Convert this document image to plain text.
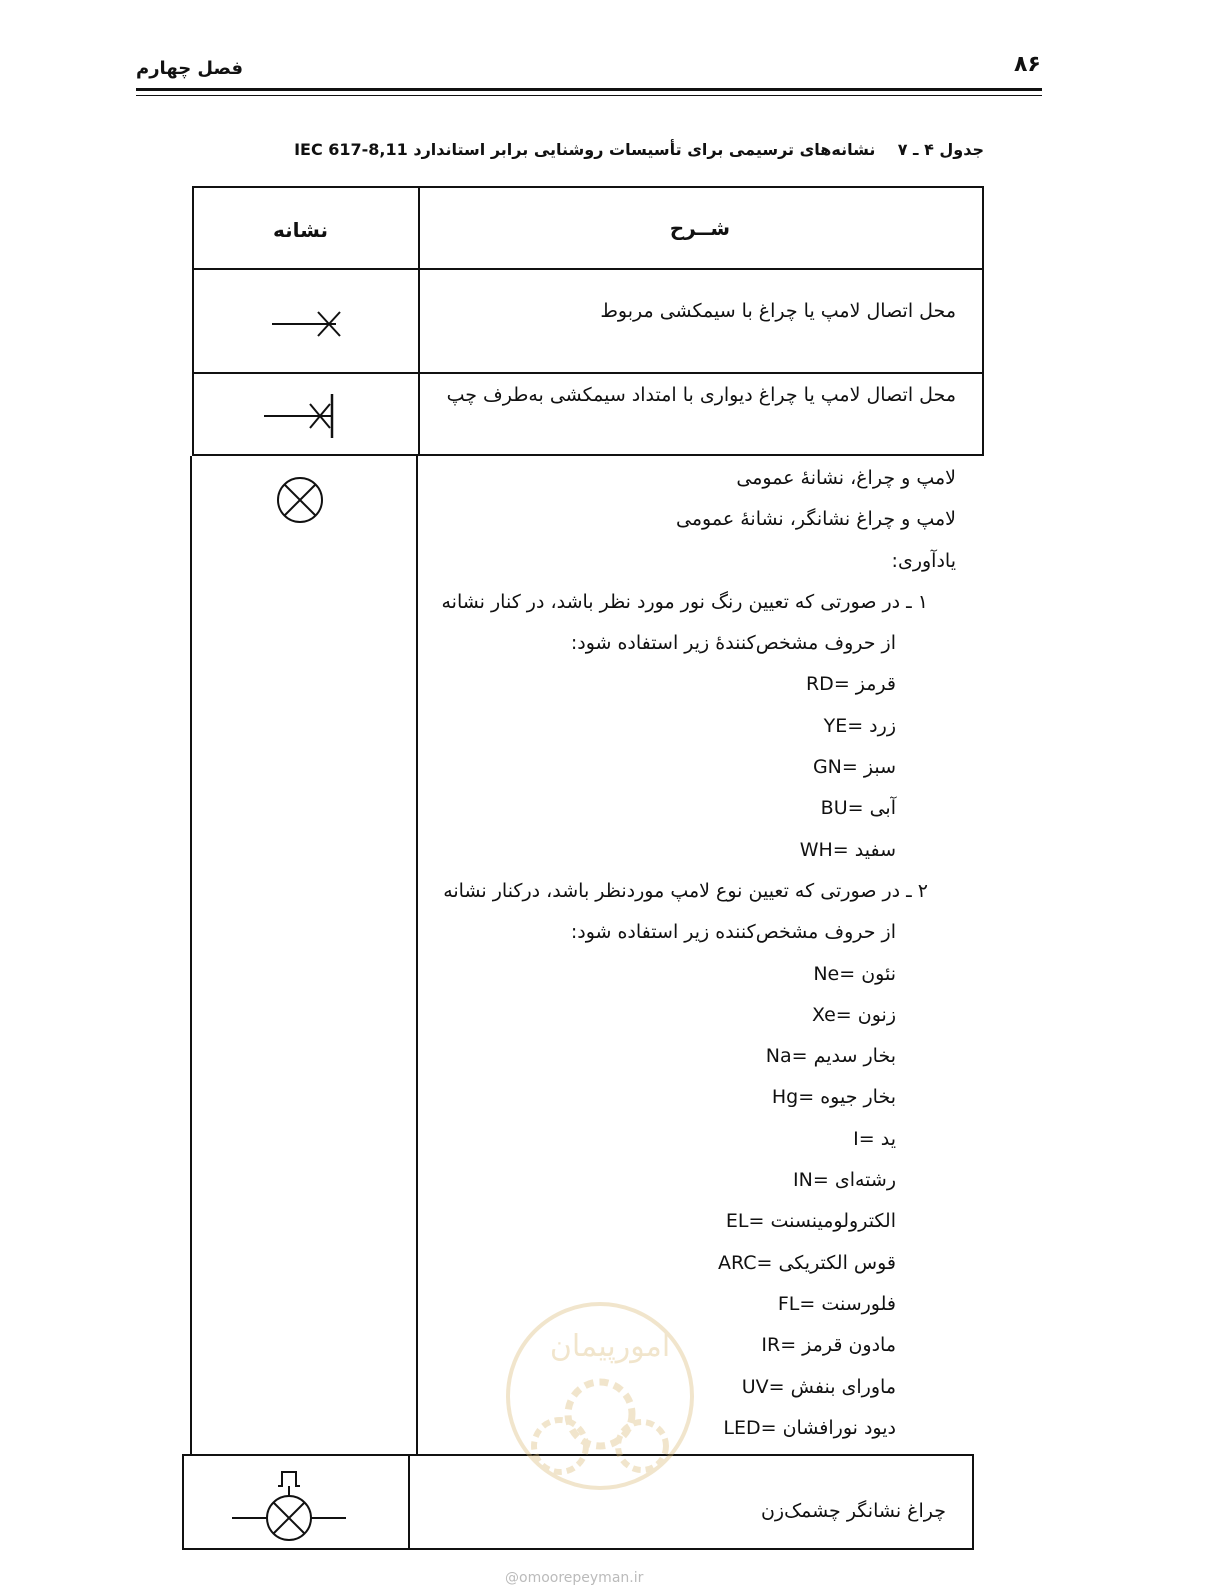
۸۶
فصل چهارم
جدول ۴ ـ ۷    نشانه‌های ترسیمی برای تأسیسات روشنایی برابر استاندارد IEC 617-8,11
شــرح
نشانه
محل اتصال لامپ یا چراغ با سیمکشی مربوط
محل اتصال لامپ یا چراغ دیواری با امتداد سیمکشی به‌طرف چپ
لامپ و چراغ، نشانهٔ عمومی
لامپ و چراغ نشانگر، نشانهٔ عمومی
یادآوری:
۱ ـ در صورتی که تعیین رنگ نور مورد نظر باشد، در کنار نشانه
از حروف مشخص‌کنندهٔ زیر استفاده شود:
قرمز =RD
زرد =YE
سبز =GN
آبی =BU
سفید =WH
۲ ـ در صورتی که تعیین نوع لامپ موردنظر باشد، درکنار نشانه
از حروف مشخص‌کننده زیر استفاده شود:
نئون =Ne
زنون =Xe
بخار سدیم =Na
بخار جیوه =Hg
ید =I
رشته‌ای =IN
الکترولومینسنت =EL
قوس الکتریکی =ARC
فلورسنت =FL
مادون قرمز =IR
ماورای بنفش =UV
دیود نورافشان =LED
چراغ نشانگر چشمک‌زن
امورپیمان
@omoorepeyman.ir
